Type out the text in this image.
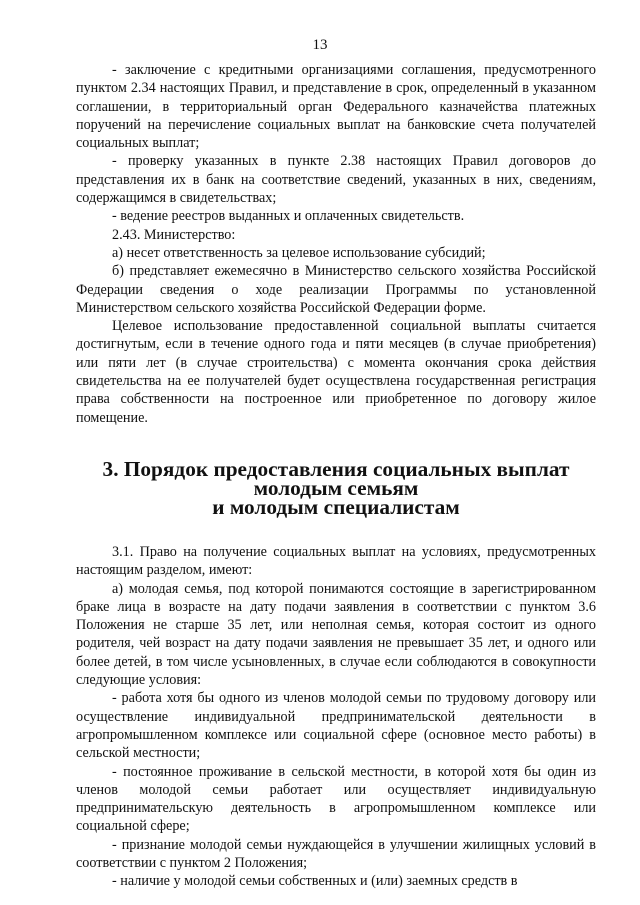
13

- заключение с кредитными организациями соглашения, предусмотренного пунктом 2.34 настоящих Правил, и представление в срок, определенный в указанном соглашении, в территориальный орган Федерального казначейства платежных поручений на перечисление социальных выплат на банковские счета получателей социальных выплат;

- проверку указанных в пункте 2.38 настоящих Правил договоров до представления их в банк на соответствие сведений, указанных в них, сведениям, содержащимся в свидетельствах;

- ведение реестров выданных и оплаченных свидетельств.

2.43. Министерство:

а) несет ответственность за целевое использование субсидий;

б) представляет ежемесячно в Министерство сельского хозяйства Российской Федерации сведения о ходе реализации Программы по установленной Министерством сельского хозяйства Российской Федерации форме.

Целевое использование предоставленной социальной выплаты считается достигнутым, если в течение одного года и пяти месяцев (в случае приобретения) или пяти лет (в случае строительства) с момента окончания срока действия свидетельства на ее получателей будет осуществлена государственная регистрация права собственности на построенное или приобретенное по договору жилое помещение.

3. Порядок предоставления социальных выплат молодым семьям
и молодым специалистам

3.1. Право на получение социальных выплат на условиях, предусмотренных настоящим разделом, имеют:

а) молодая семья, под которой понимаются состоящие в зарегистрированном браке лица в возрасте на дату подачи заявления в соответствии с пунктом 3.6 Положения не старше 35 лет, или неполная семья, которая состоит из одного родителя, чей возраст на дату подачи заявления не превышает 35 лет, и одного или более детей, в том числе усыновленных, в случае если соблюдаются в совокупности следующие условия:

- работа хотя бы одного из членов молодой семьи по трудовому договору или осуществление индивидуальной предпринимательской деятельности в агропромышленном комплексе или социальной сфере (основное место работы) в сельской местности;

- постоянное проживание в сельской местности, в которой хотя бы один из членов молодой семьи работает или осуществляет индивидуальную предпринимательскую деятельность в агропромышленном комплексе или социальной сфере;

- признание молодой семьи нуждающейся в улучшении жилищных условий в соответствии с пунктом 2 Положения;

- наличие у молодой семьи собственных и (или) заемных средств в
